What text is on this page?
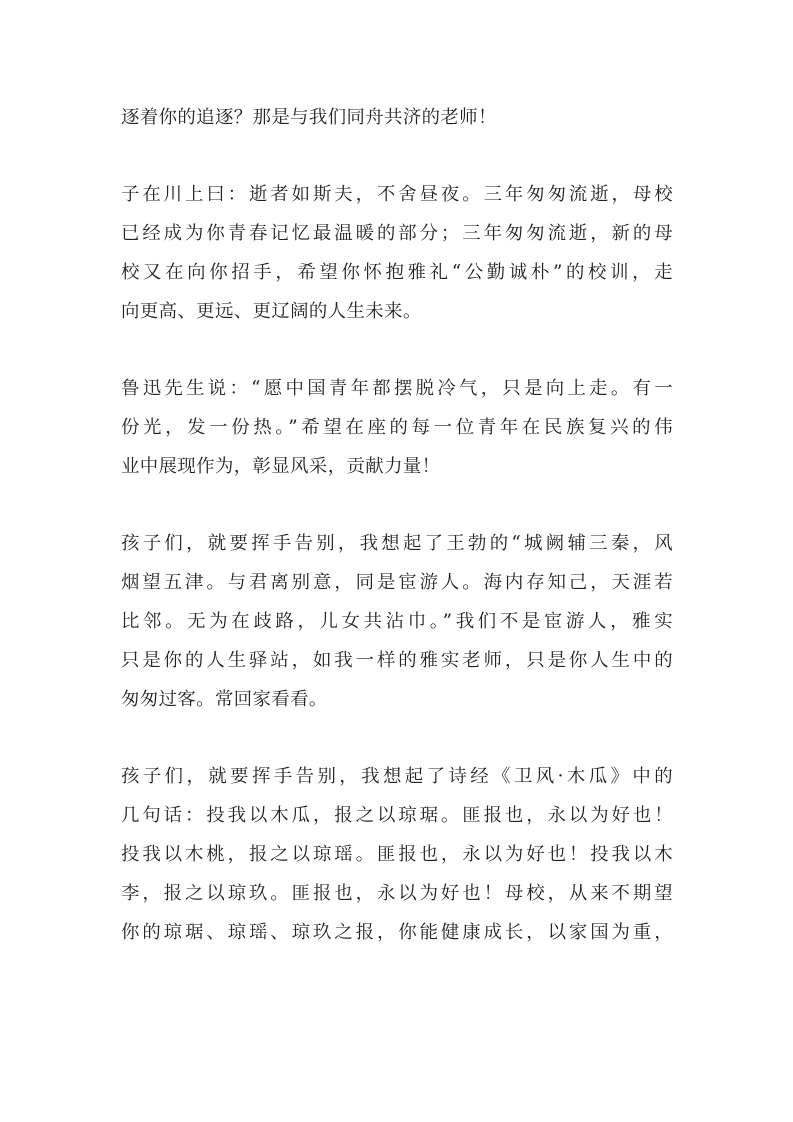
逐着你的追逐？那是与我们同舟共济的老师！
子在川上曰：逝者如斯夫，不舍昼夜。三年匆匆流逝，母校
已经成为你青春记忆最温暖的部分；三年匆匆流逝，新的母
校又在向你招手，希望你怀抱雅礼“公勤诚朴”的校训，走
向更高、更远、更辽阔的人生未来。
鲁迅先生说：“愿中国青年都摆脱冷气，只是向上走。有一
份光，发一份热。”希望在座的每一位青年在民族复兴的伟
业中展现作为，彰显风采，贡献力量！
孩子们，就要挥手告别，我想起了王勃的“城阙辅三秦，风
烟望五津。与君离别意，同是宦游人。海内存知己，天涯若
比邻。无为在歧路，儿女共沾巾。”我们不是宦游人，雅实
只是你的人生驿站，如我一样的雅实老师，只是你人生中的
匆匆过客。常回家看看。
孩子们，就要挥手告别，我想起了诗经《卫风·木瓜》中的
几句话：投我以木瓜，报之以琼琚。匪报也，永以为好也！
投我以木桃，报之以琼瑶。匪报也，永以为好也！投我以木
李，报之以琼玖。匪报也，永以为好也！母校，从来不期望
你的琼琚、琼瑶、琼玖之报，你能健康成长，以家国为重，
